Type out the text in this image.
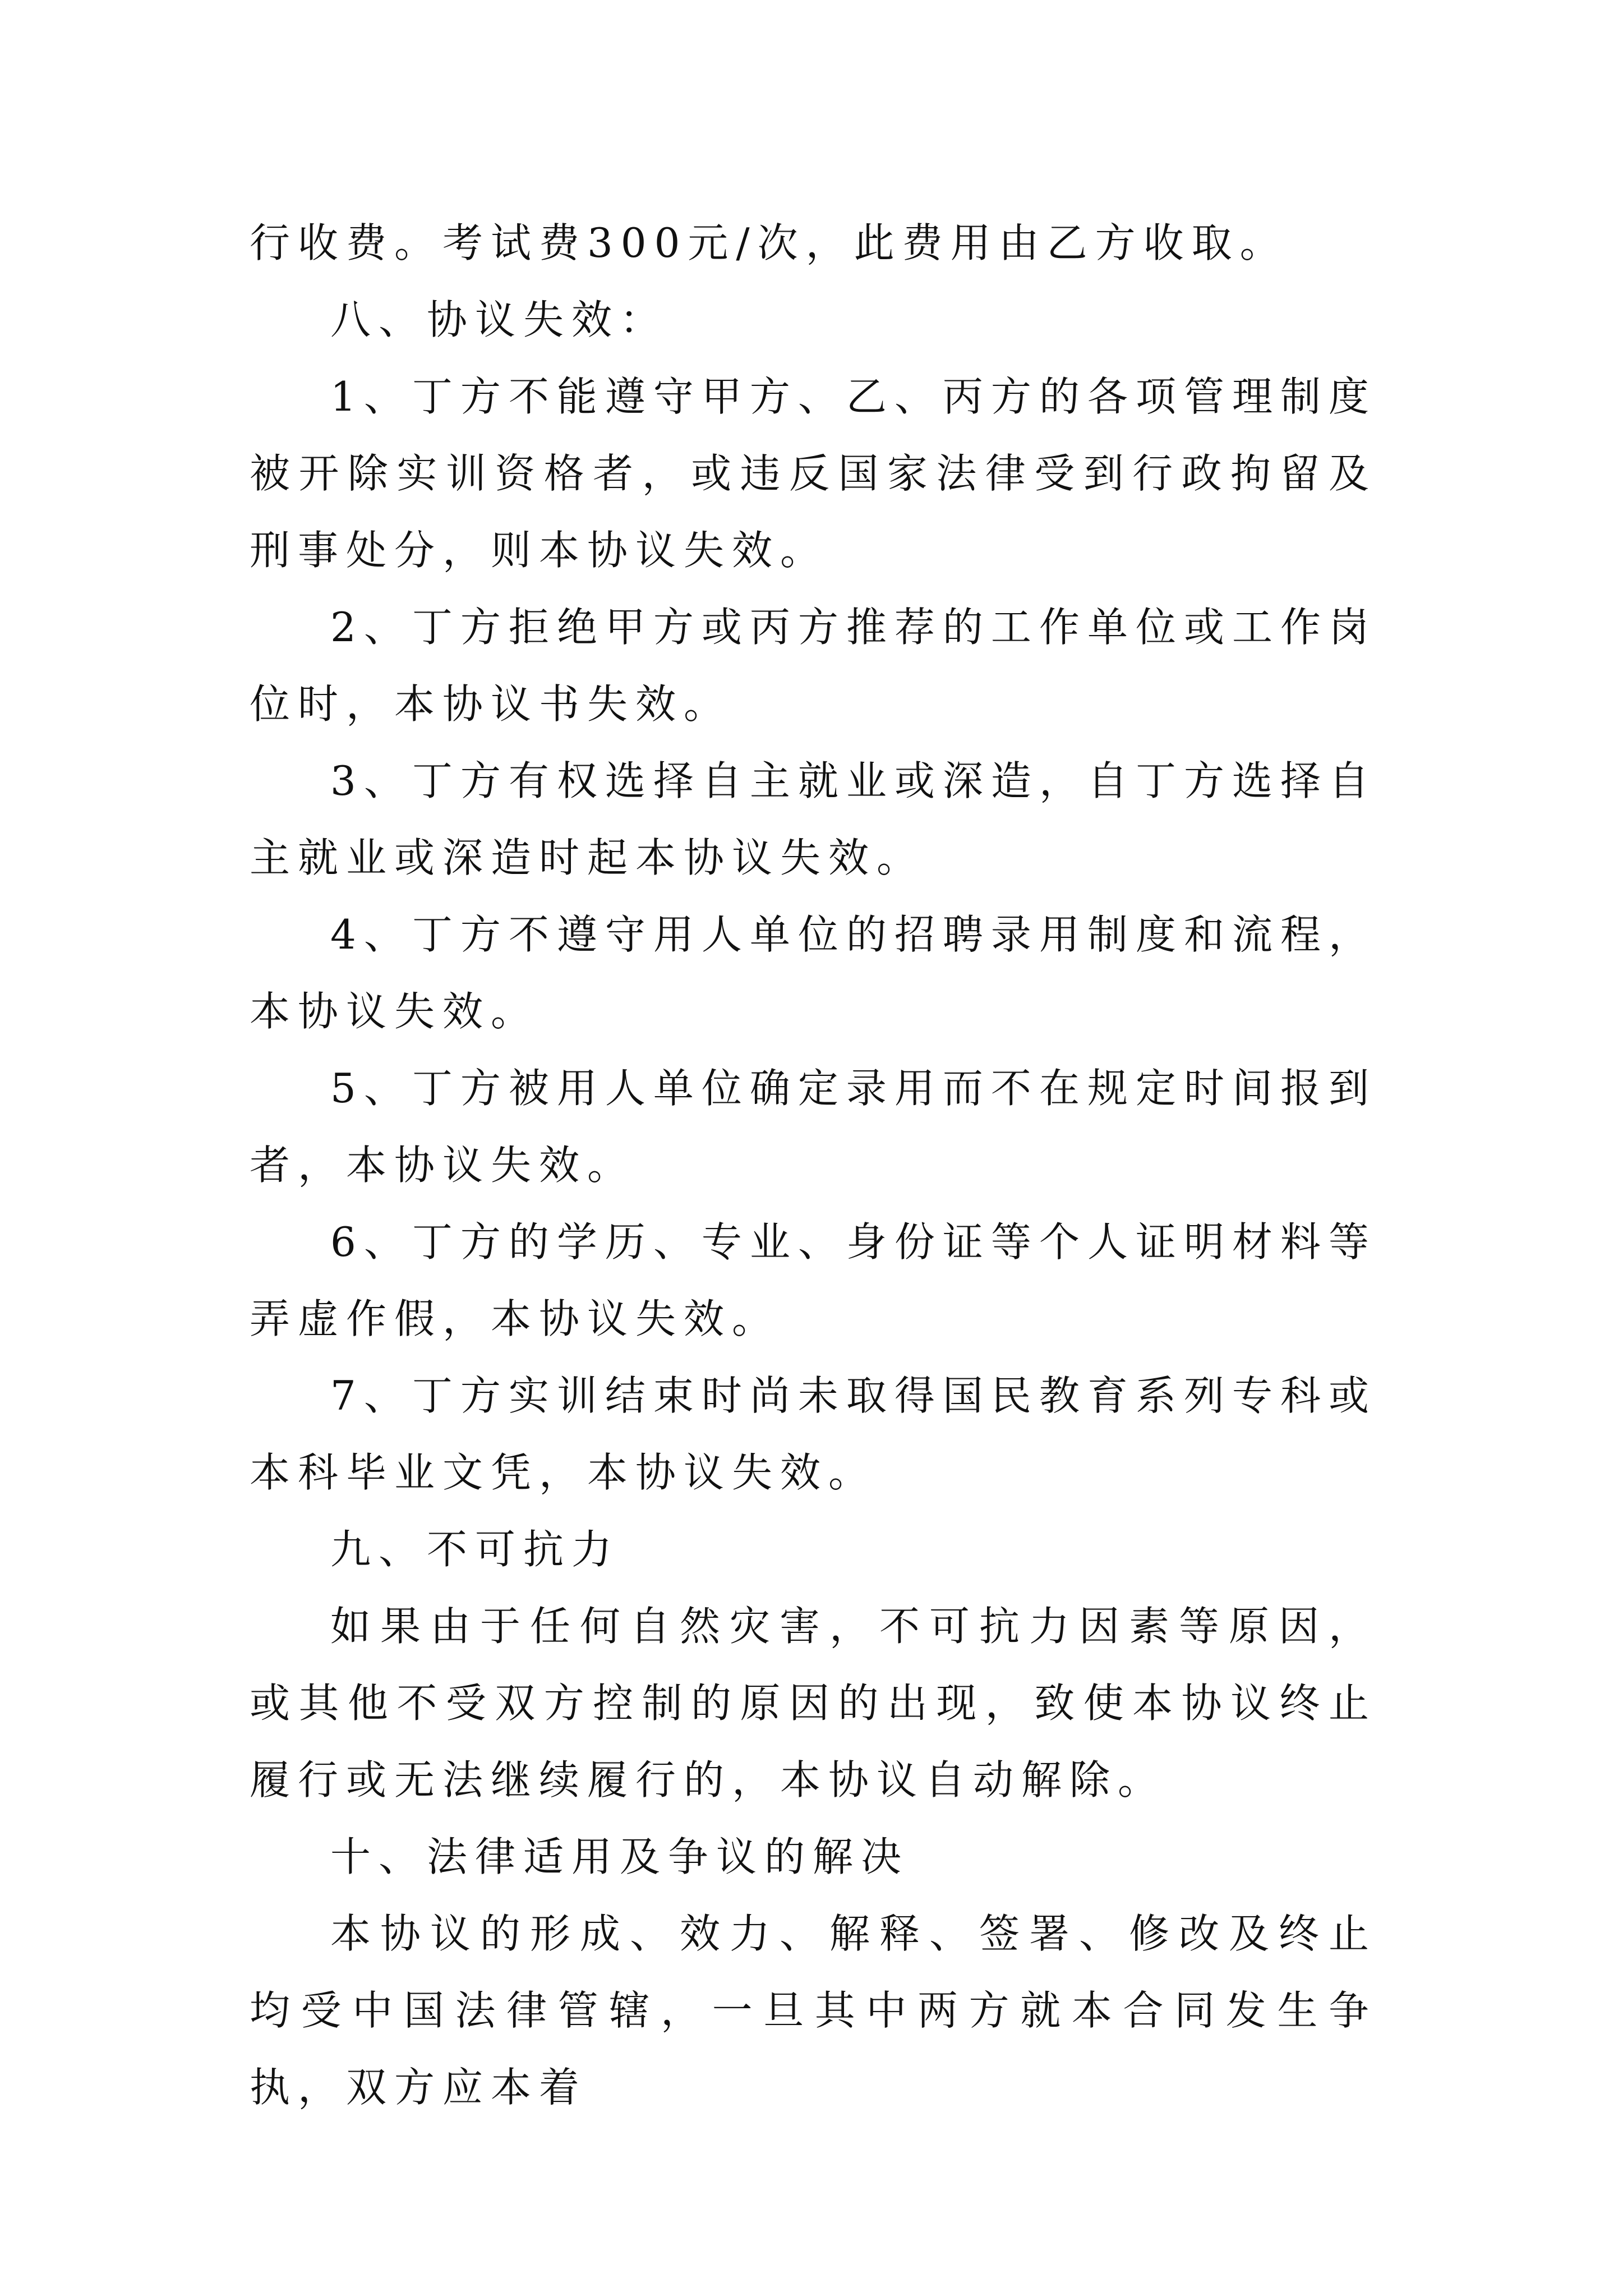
行收费。考试费300元/次，此费用由乙方收取。

八、协议失效：

1、丁方不能遵守甲方、乙、丙方的各项管理制度被开除实训资格者，或违反国家法律受到行政拘留及刑事处分，则本协议失效。

2、丁方拒绝甲方或丙方推荐的工作单位或工作岗位时，本协议书失效。

3、丁方有权选择自主就业或深造，自丁方选择自主就业或深造时起本协议失效。

4、丁方不遵守用人单位的招聘录用制度和流程，本协议失效。

5、丁方被用人单位确定录用而不在规定时间报到者，本协议失效。

6、丁方的学历、专业、身份证等个人证明材料等弄虚作假，本协议失效。

7、丁方实训结束时尚未取得国民教育系列专科或本科毕业文凭，本协议失效。

九、不可抗力

如果由于任何自然灾害，不可抗力因素等原因，或其他不受双方控制的原因的出现，致使本协议终止履行或无法继续履行的，本协议自动解除。

十、法律适用及争议的解决

本协议的形成、效力、解释、签署、修改及终止均受中国法律管辖，一旦其中两方就本合同发生争执，双方应本着
